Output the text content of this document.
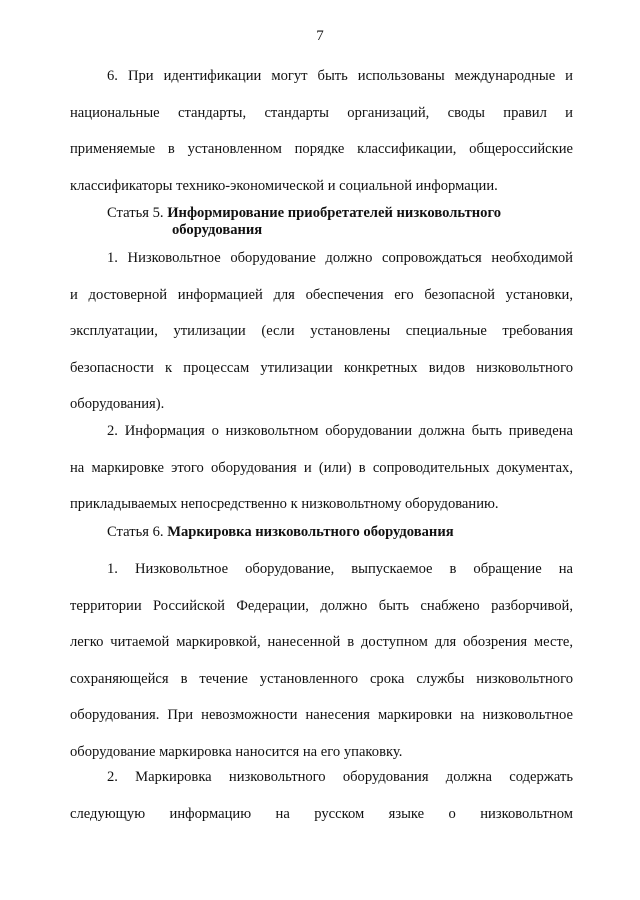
7
6. При идентификации могут быть использованы международные и
национальные стандарты, стандарты организаций, своды правил и
применяемые в установленном порядке классификации, общероссийские
классификаторы технико-экономической и социальной информации.
Статья 5. Информирование приобретателей низковольтного
оборудования
1. Низковольтное оборудование должно сопровождаться необходимой
и достоверной информацией для обеспечения его безопасной установки,
эксплуатации, утилизации (если установлены специальные требования
безопасности к процессам утилизации конкретных видов низковольтного
оборудования).
2. Информация о низковольтном оборудовании должна быть приведена
на маркировке этого оборудования и (или) в сопроводительных документах,
прикладываемых непосредственно к низковольтному оборудованию.
Статья 6. Маркировка низковольтного оборудования
1. Низковольтное оборудование, выпускаемое в обращение на
территории Российской Федерации, должно быть снабжено разборчивой,
легко читаемой маркировкой, нанесенной в доступном для обозрения месте,
сохраняющейся в течение установленного срока службы низковольтного
оборудования. При невозможности нанесения маркировки на низковольтное
оборудование маркировка наносится на его упаковку.
2. Маркировка низковольтного оборудования должна содержать
следующую информацию на русском языке о низковольтном
